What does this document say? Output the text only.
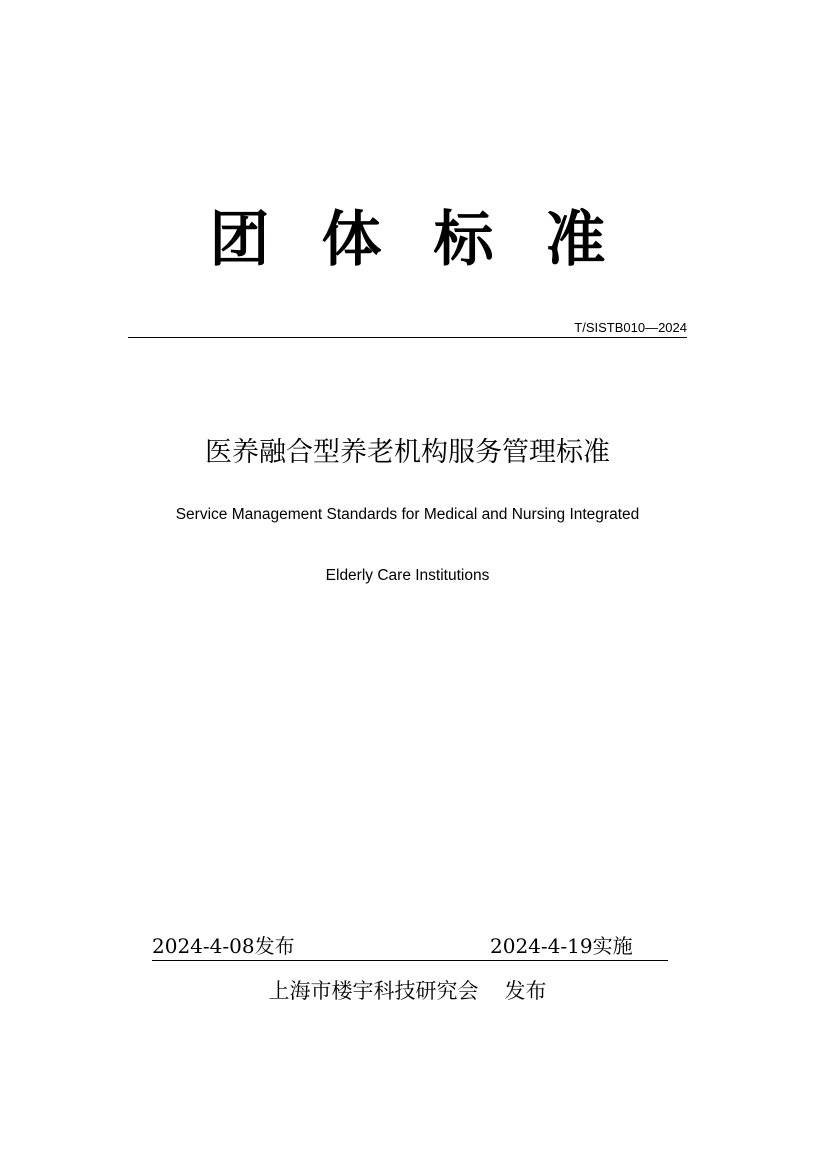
团体标准
T/SISTB010—2024
医养融合型养老机构服务管理标准
Service Management Standards for Medical and Nursing Integrated
Elderly Care Institutions
2024-4-08发布	2024-4-19实施
上海市楼宇科技研究会 发布
